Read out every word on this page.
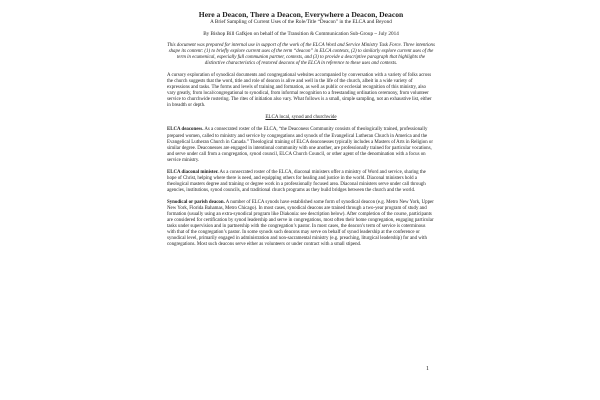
Here a Deacon, There a Deacon, Everywhere a Deacon, Deacon

A Brief Sampling of Current Uses of the Role/Title “Deacon” in the ELCA and Beyond

By Bishop Bill Gafkjen on behalf of the Transition & Communication Sub-Group ~ July 2014

This document was prepared for internal use in support of the work of the ELCA Word and Service Ministry Task Force. Three intentions shape its content: (1) to briefly explore current uses of the term “deacon” in ELCA contexts, (2) to similarly explore current uses of the term in ecumenical, especially full communion partner, contexts, and (3) to provide a descriptive paragraph that highlights the distinctive characteristics of restored deacons of the ELCA in reference to these uses and contexts.

A cursory exploration of synodical documents and congregational websites accompanied by conversation with a variety of folks across the church suggests that the word, title and role of deacon is alive and well in the life of the church, albeit in a wide variety of expressions and tasks. The forms and levels of training and formation, as well as public or ecclesial recognition of this ministry, also vary greatly, from local/congregational to synodical, from informal recognition to a freestanding ordination ceremony, from volunteer service to churchwide rostering. The rites of initiation also vary. What follows is a small, simple sampling, not an exhaustive list, either in breadth or depth.

ELCA local, synod and churchwide

ELCA deaconess. As a consecrated roster of the ELCA, “the Deaconess Community consists of theologically trained, professionally prepared women, called to ministry and service by congregations and synods of the Evangelical Lutheran Church in America and the Evangelical Lutheran Church in Canada.” Theological training of ELCA deaconesses typically includes a Masters of Arts in Religion or similar degree. Deaconesses are engaged in intentional community with one another, are professionally trained for particular vocations, and serve under call from a congregation, synod council, ELCA Church Council, or other agent of the denomination with a focus on service ministry.

ELCA diaconal minister. As a consecrated roster of the ELCA, diaconal ministers offer a ministry of Word and service, sharing the hope of Christ, helping where there is need, and equipping others for healing and justice in the world. Diaconal ministers hold a theological masters degree and training or degree work in a professionally focused area. Diaconal ministers serve under call through agencies, institutions, synod councils, and traditional church programs as they build bridges between the church and the world.

Synodical or parish deacon. A number of ELCA synods have established some form of synodical deacon (e.g. Metro New York, Upper New York, Florida Bahamas, Metro Chicago). In most cases, synodical deacons are trained through a two-year program of study and formation (usually using an extra-synodical program like Diakonia: see description below). After completion of the course, participants are considered for certification by synod leadership and serve in congregations, most often their home congregation, engaging particular tasks under supervision and in partnership with the congregation’s pastor. In most cases, the deacon’s term of service is coterminous with that of the congregation’s pastor. In some synods such deacons may serve on behalf of synod leadership at the conference or synodical level, primarily engaged in administration and non-sacramental ministry (e.g. preaching, liturgical leadership) for and with congregations. Most such deacons serve either as volunteers or under contract with a small stipend.

1
